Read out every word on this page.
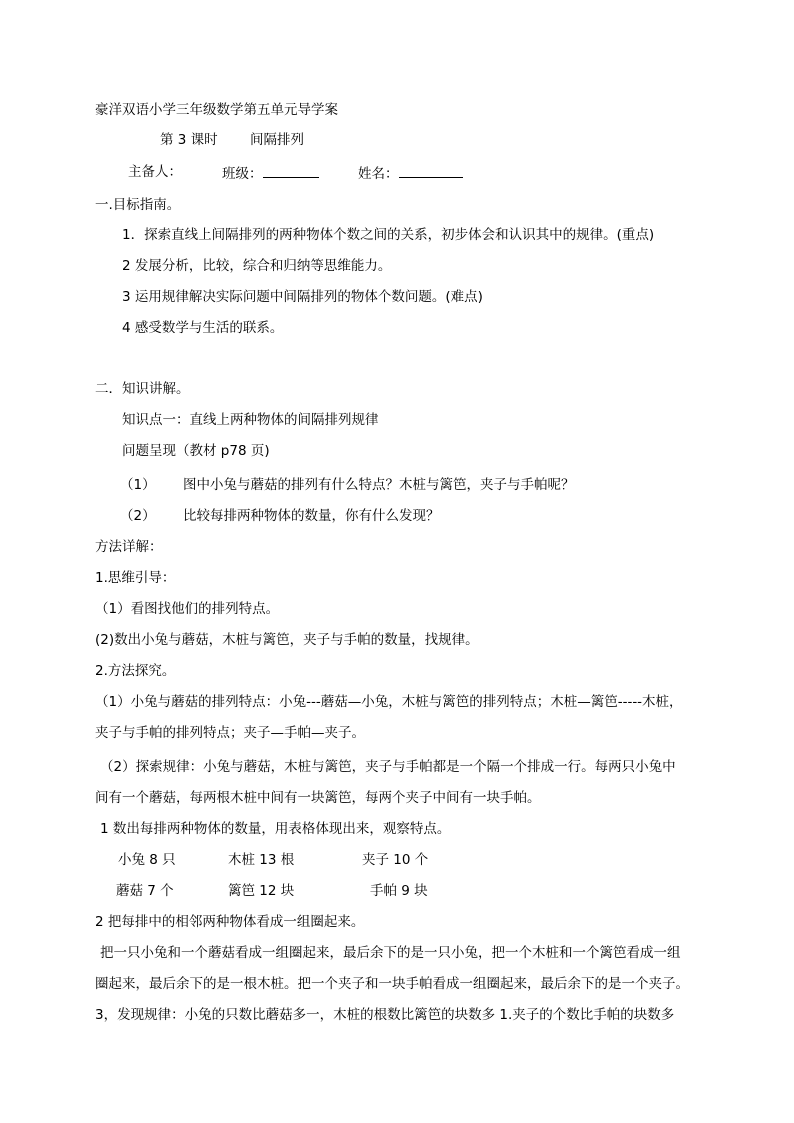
豪洋双语小学三年级数学第五单元导学案
第 3 课时 间隔排列
主备人：	班级：	姓名：
一.目标指南。
1．探索直线上间隔排列的两种物体个数之间的关系，初步体会和认识其中的规律。(重点)
2 发展分析，比较，综合和归纳等思维能力。
3 运用规律解决实际问题中间隔排列的物体个数问题。(难点)
4 感受数学与生活的联系。
二．知识讲解。
知识点一：直线上两种物体的间隔排列规律
问题呈现（教材 p78 页)
（1） 图中小兔与蘑菇的排列有什么特点？木桩与篱笆，夹子与手帕呢？
（2） 比较每排两种物体的数量，你有什么发现？
方法详解：
1.思维引导：
（1）看图找他们的排列特点。
(2)数出小兔与蘑菇，木桩与篱笆，夹子与手帕的数量，找规律。
2.方法探究。
（1）小兔与蘑菇的排列特点：小兔---蘑菇—小兔，木桩与篱笆的排列特点；木桩—篱笆-----木桩，
夹子与手帕的排列特点；夹子—手帕—夹子。
（2）探索规律：小兔与蘑菇，木桩与篱笆，夹子与手帕都是一个隔一个排成一行。每两只小兔中
间有一个蘑菇，每两根木桩中间有一块篱笆，每两个夹子中间有一块手帕。
1 数出每排两种物体的数量，用表格体现出来，观察特点。
小兔 8 只	木桩 13 根	夹子 10 个
蘑菇 7 个	篱笆 12 块	手帕 9 块
2 把每排中的相邻两种物体看成一组圈起来。
把一只小兔和一个蘑菇看成一组圈起来，最后余下的是一只小兔，把一个木桩和一个篱笆看成一组
圈起来，最后余下的是一根木桩。把一个夹子和一块手帕看成一组圈起来，最后余下的是一个夹子。
3，发现规律：小兔的只数比蘑菇多一，木桩的根数比篱笆的块数多 1.夹子的个数比手帕的块数多
